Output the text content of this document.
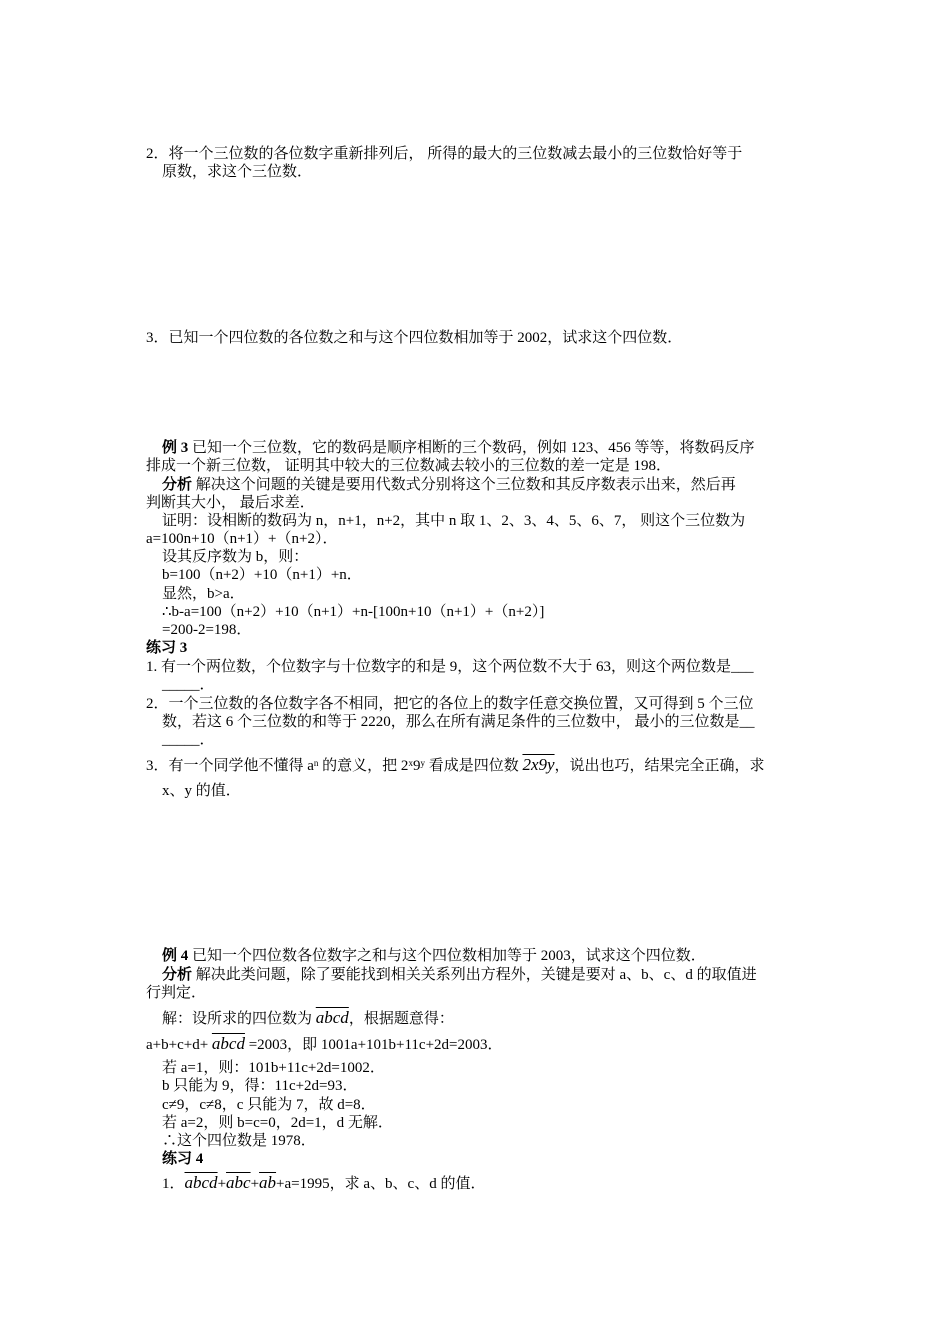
2．将一个三位数的各位数字重新排列后， 所得的最大的三位数减去最小的三位数恰好等于
原数，求这个三位数．
3．已知一个四位数的各位数之和与这个四位数相加等于 2002，试求这个四位数．
例 3 已知一个三位数，它的数码是顺序相断的三个数码，例如 123、456 等等，将数码反序
排成一个新三位数， 证明其中较大的三位数减去较小的三位数的差一定是 198．
分析 解决这个问题的关键是要用代数式分别将这个三位数和其反序数表示出来，然后再
判断其大小， 最后求差．
证明：设相断的数码为 n，n+1，n+2，其中 n 取 1、2、3、4、5、6、7， 则这个三位数为
a=100n+10（n+1）+（n+2）．
设其反序数为 b，则：
b=100（n+2）+10（n+1）+n．
显然，b>a．
∴b-a=100（n+2）+10（n+1）+n-[100n+10（n+1）+（n+2）]
=200-2=198．
练习 3
1. 有一个两位数，个位数字与十位数字的和是 9，这个两位数不大于 63，则这个两位数是___
_____．
2．一个三位数的各位数字各不相同，把它的各位上的数字任意交换位置，又可得到 5 个三位
数，若这 6 个三位数的和等于 2220，那么在所有满足条件的三位数中， 最小的三位数是__
_____．
3．有一个同学他不懂得 $a^n$ 的意义，把 2$^x$9$^y$ 看成是四位数 2x9y，说出也巧，结果完全正确，求
x、y 的值．
例 4 已知一个四位数各位数字之和与这个四位数相加等于 2003，试求这个四位数．
分析 解决此类问题，除了要能找到相关关系列出方程外，关键是要对 a、b、c、d 的取值进
行判定．
解：设所求的四位数为 abcd，根据题意得：
a+b+c+d+ abcd =2003，即 1001a+101b+11c+2d=2003．
若 a=1，则：101b+11c+2d=1002．
b 只能为 9，得：11c+2d=93．
c≠9，c≠8，c 只能为 7，故 d=8．
若 a=2，则 b=c=0，2d=1，d 无解．
∴这个四位数是 1978．
练习 4
1．$abcd+\overline{abc}+\overline{ab}+a=1995$，求 a、b、c、d 的值．
